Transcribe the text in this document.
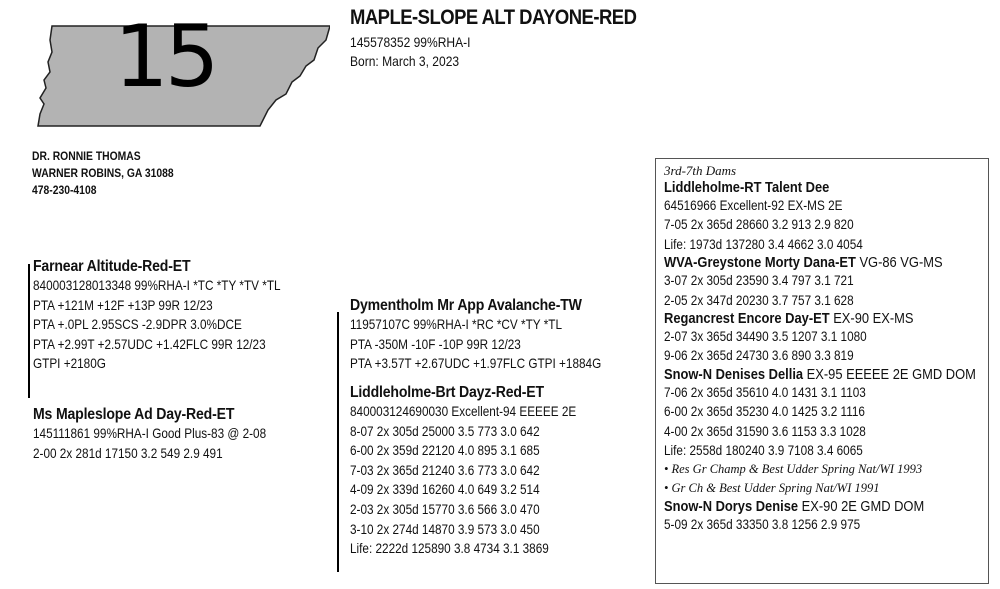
15	MAPLE-SLOPE ALT DAYONE-RED
145578352 99%RHA-I
Born: March 3, 2023
DR. RONNIE THOMAS
WARNER ROBINS, GA 31088
478-230-4108
Farnear Altitude-Red-ET
840003128013348 99%RHA-I *TC *TY *TV *TL
PTA +121M +12F +13P 99R 12/23
PTA +.0PL 2.95SCS -2.9DPR 3.0%DCE
PTA +2.99T +2.57UDC +1.42FLC 99R 12/23
GTPI +2180G
Ms Mapleslope Ad Day-Red-ET
145111861 99%RHA-I Good Plus-83 @ 2-08
2-00 2x 281d 17150 3.2 549 2.9 491
Dymentholm Mr App Avalanche-TW
11957107C 99%RHA-I *RC *CV *TY *TL
PTA -350M -10F -10P 99R 12/23
PTA +3.57T +2.67UDC +1.97FLC GTPI +1884G
Liddleholme-Brt Dayz-Red-ET
840003124690030 Excellent-94 EEEEE 2E
8-07 2x 305d 25000 3.5 773 3.0 642
6-00 2x 359d 22120 4.0 895 3.1 685
7-03 2x 365d 21240 3.6 773 3.0 642
4-09 2x 339d 16260 4.0 649 3.2 514
2-03 2x 305d 15770 3.6 566 3.0 470
3-10 2x 274d 14870 3.9 573 3.0 450
Life: 2222d 125890 3.8 4734 3.1 3869
3rd-7th Dams
Liddleholme-RT Talent Dee
64516966 Excellent-92 EX-MS 2E
7-05 2x 365d 28660 3.2 913 2.9 820
Life: 1973d 137280 3.4 4662 3.0 4054
WVA-Greystone Morty Dana-ET VG-86 VG-MS
3-07 2x 305d 23590 3.4 797 3.1 721
2-05 2x 347d 20230 3.7 757 3.1 628
Regancrest Encore Day-ET EX-90 EX-MS
2-07 3x 365d 34490 3.5 1207 3.1 1080
9-06 2x 365d 24730 3.6 890 3.3 819
Snow-N Denises Dellia EX-95 EEEEE 2E GMD DOM
7-06 2x 365d 35610 4.0 1431 3.1 1103
6-00 2x 365d 35230 4.0 1425 3.2 1116
4-00 2x 365d 31590 3.6 1153 3.3 1028
Life: 2558d 180240 3.9 7108 3.4 6065
• Res Gr Champ & Best Udder Spring Nat/WI 1993
• Gr Ch & Best Udder Spring Nat/WI 1991
Snow-N Dorys Denise EX-90 2E GMD DOM
5-09 2x 365d 33350 3.8 1256 2.9 975
